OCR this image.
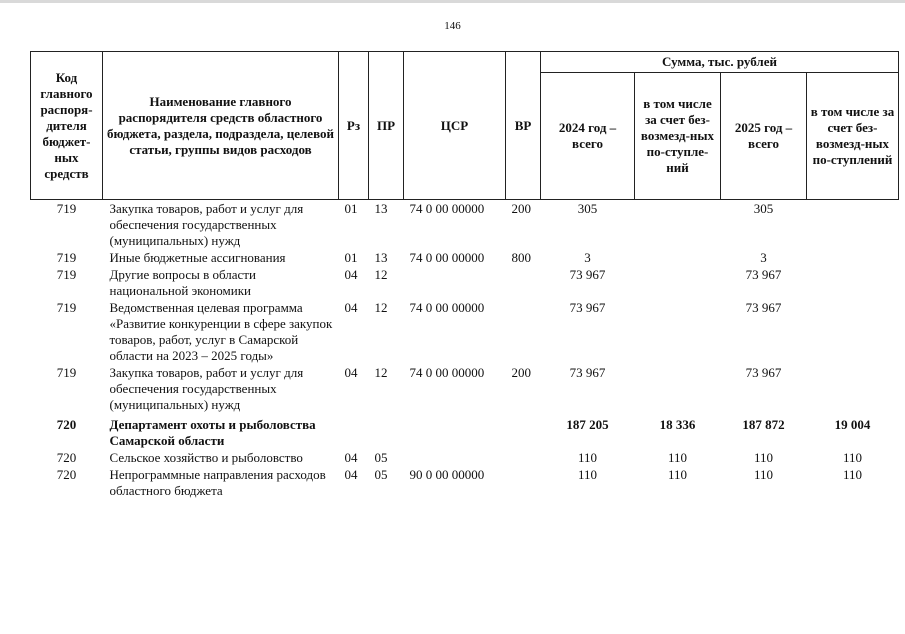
146
Код главного распоря-дителя бюджет-ных средств	Наименование главного распорядителя средств областного бюджета, раздела, подраздела, целевой статьи, группы видов расходов	Рз	ПР	ЦСР	ВР	Сумма, тыс. рублей			
						2024 год – всего	в том числе за счет без-возмезд-ных по-ступле-ний	2025 год – всего	в том числе за счет без-возмезд-ных по-ступлений
719	Закупка товаров, работ и услуг для обеспечения государственных (муниципальных) нужд	01	13	74 0 00 00000	200	305		305	
719	Иные бюджетные ассигнования	01	13	74 0 00 00000	800	3		3	
719	Другие вопросы в области национальной экономики	04	12			73 967		73 967	
719	Ведомственная целевая программа «Развитие конкуренции в сфере закупок товаров, работ, услуг в Самарской области на 2023 – 2025 годы»	04	12	74 0 00 00000		73 967		73 967	
719	Закупка товаров, работ и услуг для обеспечения государственных (муниципальных) нужд	04	12	74 0 00 00000	200	73 967		73 967	
720	Департамент охоты и рыболовства Самарской области					187 205	18 336	187 872	19 004
720	Сельское хозяйство и рыболовство	04	05			110	110	110	110
720	Непрограммные направления расходов областного бюджета	04	05	90 0 00 00000		110	110	110	110
